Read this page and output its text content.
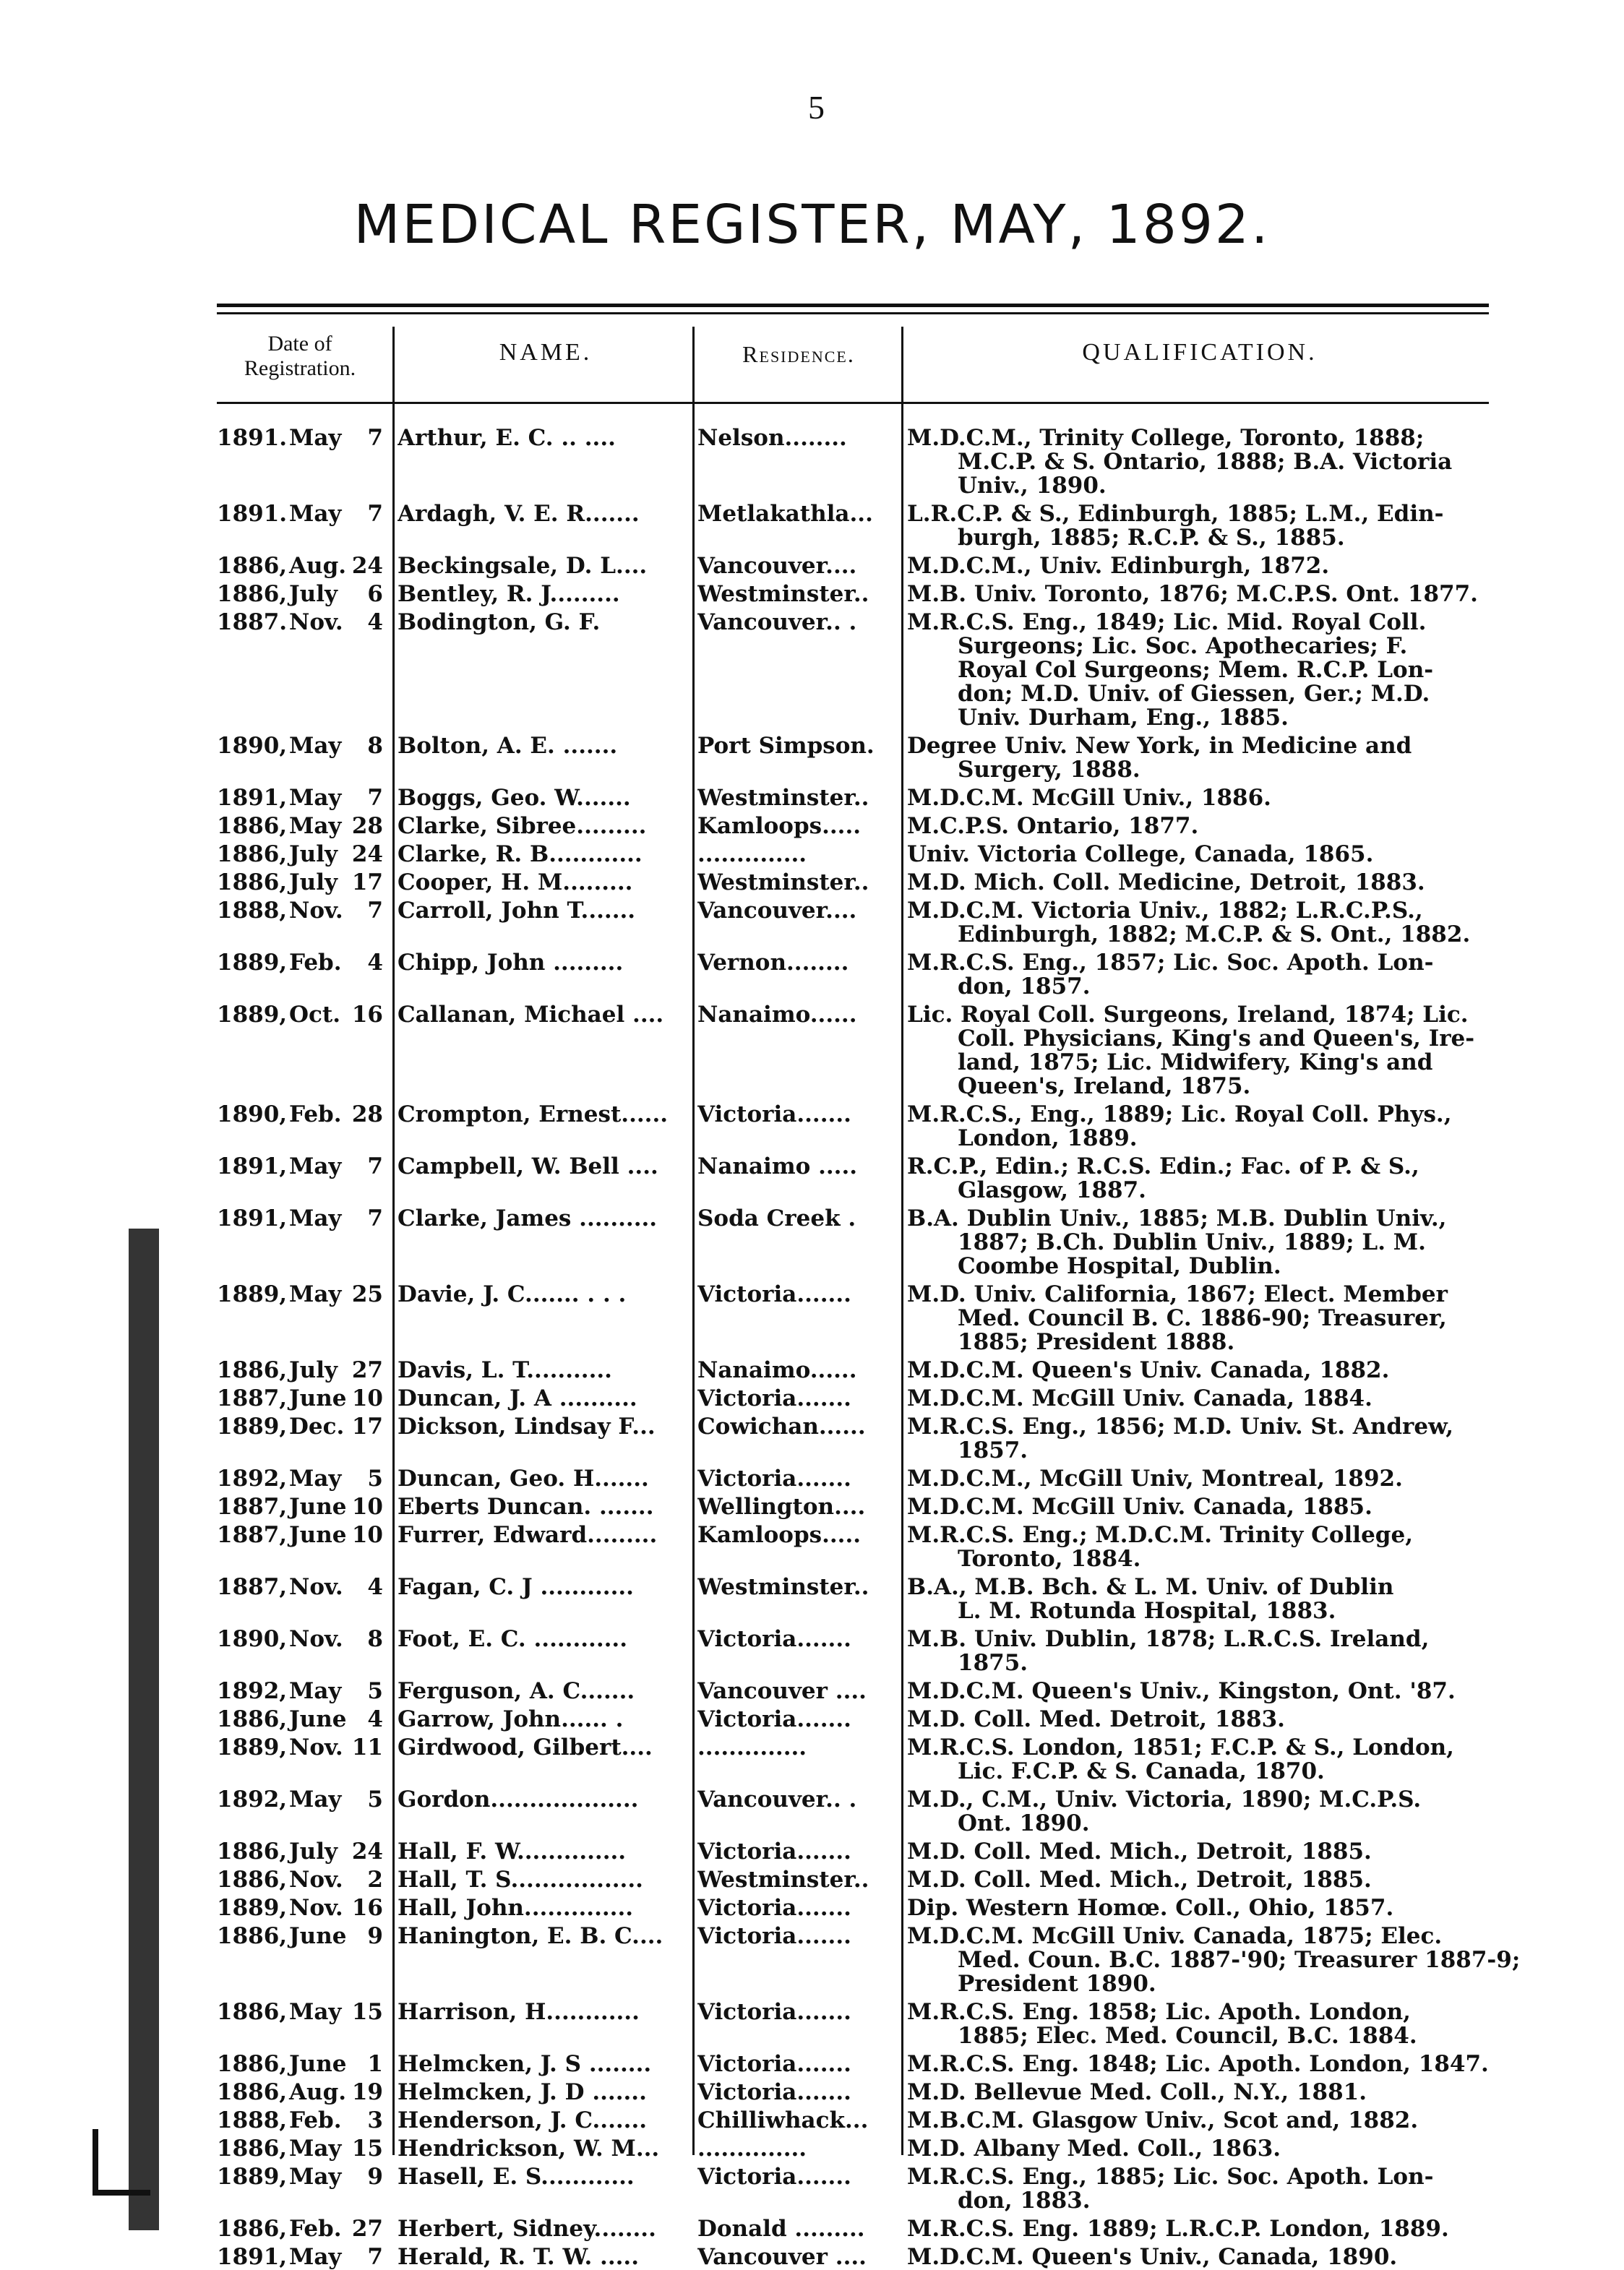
5
MEDICAL REGISTER, MAY, 1892.
Date of Registration.
NAME.	Residence.	QUALIFICATION.
1891. May 7 Arthur, E. C. .. ....	Nelson........	M.D.C.M., Trinity College, Toronto, 1888;
M.C.P. & S. Ontario, 1888; B.A. Victoria
Univ., 1890.
1891. May 7 Ardagh, V. E. R.......	Metlakathla...	L.R.C.P. & S., Edinburgh, 1885; L.M., Edin-
burgh, 1885; R.C.P. & S., 1885.
1886, Aug. 24 Beckingsale, D. L....	Vancouver....	M.D.C.M., Univ. Edinburgh, 1872.
1886, July 6 Bentley, R. J.........	Westminster..	M.B. Univ. Toronto, 1876; M.C.P.S. Ont. 1877.
1887. Nov. 4 Bodington, G. F.	Vancouver.. .	M.R.C.S. Eng., 1849; Lic. Mid. Royal Coll.
Surgeons; Lic. Soc. Apothecaries; F.
Royal Col Surgeons; Mem. R.C.P. Lon-
don; M.D. Univ. of Giessen, Ger.; M.D.
Univ. Durham, Eng., 1885.
1890, May 8 Bolton, A. E. .......	Port Simpson.	Degree Univ. New York, in Medicine and
Surgery, 1888.
1891, May 7 Boggs, Geo. W.......	Westminster..	M.D.C.M. McGill Univ., 1886.
1886, May 28 Clarke, Sibree.........	Kamloops.....	M.C.P.S. Ontario, 1877.
1886, July 24 Clarke, R. B............	..............	Univ. Victoria College, Canada, 1865.
1886, July 17 Cooper, H. M.........	Westminster..	M.D. Mich. Coll. Medicine, Detroit, 1883.
1888, Nov. 7 Carroll, John T.......	Vancouver....	M.D.C.M. Victoria Univ., 1882; L.R.C.P.S.,
Edinburgh, 1882; M.C.P. & S. Ont., 1882.
1889, Feb. 4 Chipp, John .........	Vernon........	M.R.C.S. Eng., 1857; Lic. Soc. Apoth. Lon-
don, 1857.
1889, Oct. 16 Callanan, Michael ....	Nanaimo......	Lic. Royal Coll. Surgeons, Ireland, 1874; Lic.
Coll. Physicians, King's and Queen's, Ire-
land, 1875; Lic. Midwifery, King's and
Queen's, Ireland, 1875.
1890, Feb. 28 Crompton, Ernest......	Victoria.......	M.R.C.S., Eng., 1889; Lic. Royal Coll. Phys.,
London, 1889.
1891, May 7 Campbell, W. Bell ....	Nanaimo .....	R.C.P., Edin.; R.C.S. Edin.; Fac. of P. & S.,
Glasgow, 1887.
1891, May 7 Clarke, James ..........	Soda Creek .	B.A. Dublin Univ., 1885; M.B. Dublin Univ.,
1887; B.Ch. Dublin Univ., 1889; L. M.
Coombe Hospital, Dublin.
1889, May 25 Davie, J. C....... . . .	Victoria.......	M.D. Univ. California, 1867; Elect. Member
Med. Council B. C. 1886-90; Treasurer,
1885; President 1888.
1886, July 27 Davis, L. T...........	Nanaimo......	M.D.C.M. Queen's Univ. Canada, 1882.
1887, June 10 Duncan, J. A ..........	Victoria.......	M.D.C.M. McGill Univ. Canada, 1884.
1889, Dec. 17 Dickson, Lindsay F...	Cowichan......	M.R.C.S. Eng., 1856; M.D. Univ. St. Andrew,
1857.
1892, May 5 Duncan, Geo. H.......	Victoria.......	M.D.C.M., McGill Univ, Montreal, 1892.
1887, June 10 Eberts Duncan. .......	Wellington....	M.D.C.M. McGill Univ. Canada, 1885.
1887, June 10 Furrer, Edward.........	Kamloops.....	M.R.C.S. Eng.; M.D.C.M. Trinity College,
Toronto, 1884.
1887, Nov. 4 Fagan, C. J ............	Westminster..	B.A., M.B. Bch. & L. M. Univ. of Dublin
L. M. Rotunda Hospital, 1883.
1890, Nov. 8 Foot, E. C. ............	Victoria.......	M.B. Univ. Dublin, 1878; L.R.C.S. Ireland,
1875.
1892, May 5 Ferguson, A. C.......	Vancouver ....	M.D.C.M. Queen's Univ., Kingston, Ont. '87.
1886, June 4 Garrow, John...... .	Victoria.......	M.D. Coll. Med. Detroit, 1883.
1889, Nov. 11 Girdwood, Gilbert....	..............	M.R.C.S. London, 1851; F.C.P. & S., London,
Lic. F.C.P. & S. Canada, 1870.
1892, May 5 Gordon...................	Vancouver.. .	M.D., C.M., Univ. Victoria, 1890; M.C.P.S.
Ont. 1890.
1886, July 24 Hall, F. W..............	Victoria.......	M.D. Coll. Med. Mich., Detroit, 1885.
1886, Nov. 2 Hall, T. S.................	Westminster..	M.D. Coll. Med. Mich., Detroit, 1885.
1889, Nov. 16 Hall, John..............	Victoria.......	Dip. Western Homœ. Coll., Ohio, 1857.
1886, June 9 Hanington, E. B. C....	Victoria.......	M.D.C.M. McGill Univ. Canada, 1875; Elec.
Med. Coun. B.C. 1887-'90; Treasurer 1887-9;
President 1890.
1886, May 15 Harrison, H............	Victoria.......	M.R.C.S. Eng. 1858; Lic. Apoth. London,
1885; Elec. Med. Council, B.C. 1884.
1886, June 1 Helmcken, J. S ........	Victoria.......	M.R.C.S. Eng. 1848; Lic. Apoth. London, 1847.
1886, Aug. 19 Helmcken, J. D .......	Victoria.......	M.D. Bellevue Med. Coll., N.Y., 1881.
1888, Feb. 3 Henderson, J. C.......	Chilliwhack...	M.B.C.M. Glasgow Univ., Scot and, 1882.
1886, May 15 Hendrickson, W. M...	..............	M.D. Albany Med. Coll., 1863.
1889, May 9 Hasell, E. S............	Victoria.......	M.R.C.S. Eng., 1885; Lic. Soc. Apoth. Lon-
don, 1883.
1886, Feb. 27 Herbert, Sidney........	Donald .........	M.R.C.S. Eng. 1889; L.R.C.P. London, 1889.
1891, May 7 Herald, R. T. W. .....	Vancouver ....	M.D.C.M. Queen's Univ., Canada, 1890.
